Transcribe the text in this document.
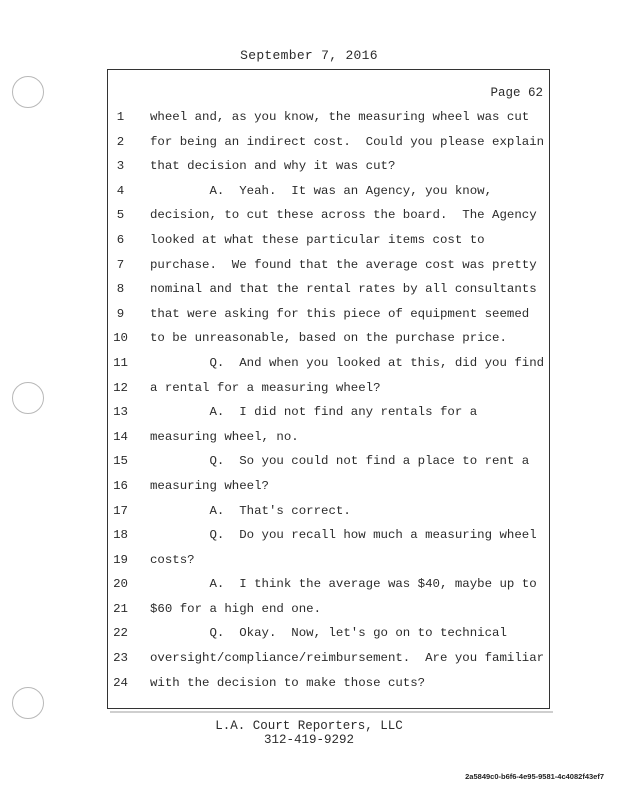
September 7, 2016
Page 62
1	wheel and, as you know, the measuring wheel was cut
2	for being an indirect cost.  Could you please explain
3	that decision and why it was cut?
4	A.  Yeah.  It was an Agency, you know,
5	decision, to cut these across the board.  The Agency
6	looked at what these particular items cost to
7	purchase.  We found that the average cost was pretty
8	nominal and that the rental rates by all consultants
9	that were asking for this piece of equipment seemed
10	to be unreasonable, based on the purchase price.
11	Q.  And when you looked at this, did you find
12	a rental for a measuring wheel?
13	A.  I did not find any rentals for a
14	measuring wheel, no.
15	Q.  So you could not find a place to rent a
16	measuring wheel?
17	A.  That's correct.
18	Q.  Do you recall how much a measuring wheel
19	costs?
20	A.  I think the average was $40, maybe up to
21	$60 for a high end one.
22	Q.  Okay.  Now, let's go on to technical
23	oversight/compliance/reimbursement.  Are you familiar
24	with the decision to make those cuts?
L.A. Court Reporters, LLC
312-419-9292
2a5849c0-b6f6-4e95-9581-4c4082f43ef7
